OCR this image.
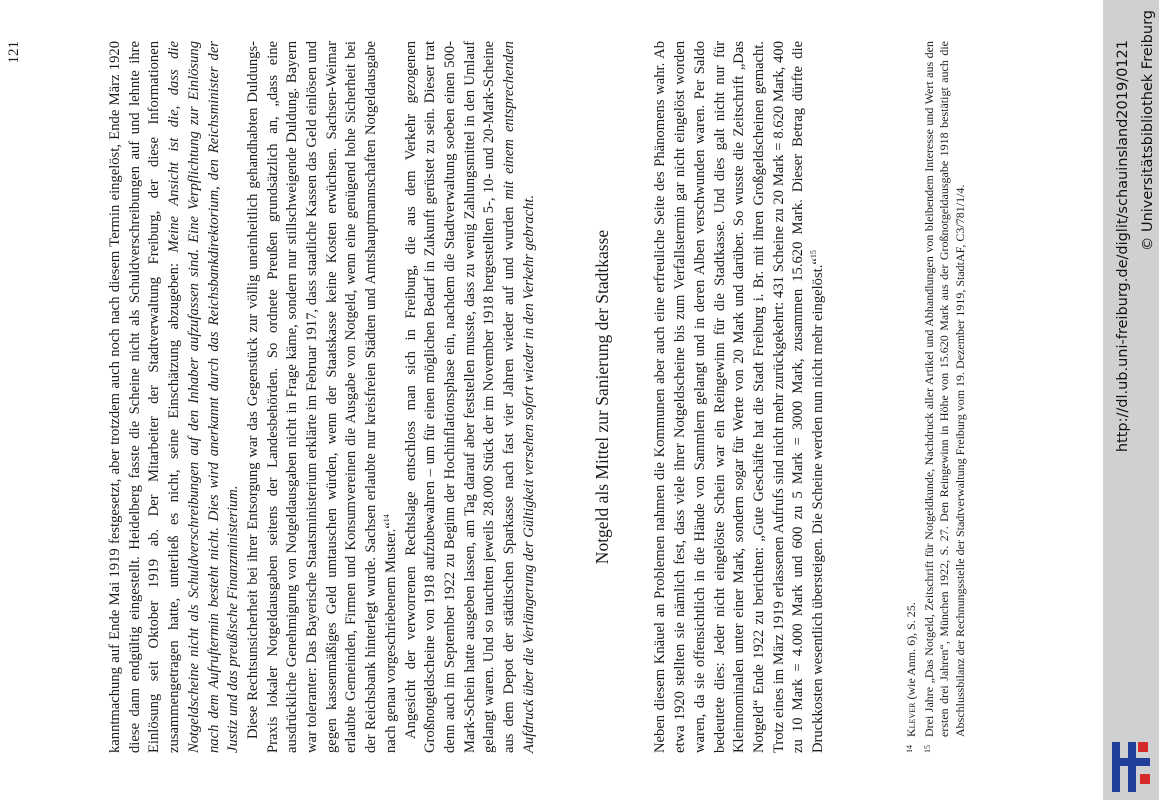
121	kanntmachung auf Ende Mai 1919 festgesetzt, aber trotzdem auch noch nach diesem Termin eingelöst, Ende März 1920 diese dann endgültig eingestellt. Heidelberg fasste die Scheine nicht als Schuldverschreibungen auf und lehnte ihre Einlösung seit Oktober 1919 ab. Der Mitarbeiter der Stadtverwaltung Freiburg, der diese Informationen zusammengetragen hatte, unterließ es nicht, seine Einschätzung abzugeben: Meine Ansicht ist die, dass die Notgeldscheine nicht als Schuldverschreibungen auf den Inhaber aufzufassen sind. Eine Verpflichtung zur Einlösung nach dem Aufruftermin besteht nicht. Dies wird anerkannt durch das Reichsbankdirektorium, den Reichsminister der Justiz und das preußische Finanzministerium. Diese Rechtsunsicherheit bei ihrer Entsorgung war das Gegenstück zur völlig uneinheitlich gehandhabten Duldungs-Praxis lokaler Notgeldausgaben seitens der Landesbehörden. So ordnete Preußen grundsätzlich an, „dass eine ausdrückliche Genehmigung von Notgeldausgaben nicht in Frage käme, sondern nur stillschweigende Duldung. Bayern war toleranter: Das Bayerische Staatsministerium erklärte im Februar 1917, dass staatliche Kassen das Geld einlösen und gegen kassenmäßiges Geld umtauschen würden, wenn der Staatskasse keine Kosten erwüchsen. Sachsen-Weimar erlaubte Gemeinden, Firmen und Konsumvereinen die Ausgabe von Notgeld, wenn eine genügend hohe Sicherheit bei der Reichsbank hinterlegt wurde. Sachsen erlaubte nur kreisfreien Städten und Amtshauptmannschaften Notgeldausgabe nach genau vorgeschriebenem Muster.“$^{14}$ Angesicht der verworrenen Rechtslage entschloss man sich in Freiburg, die aus dem Verkehr gezogenen Großnotgeldscheine von 1918 aufzubewahren – um für einen möglichen Bedarf in Zukunft gerüstet zu sein. Dieser trat denn auch im September 1922 zu Beginn der Hochinflationsphase ein, nachdem die Stadtverwaltung soeben einen 500-Mark-Schein hatte ausgeben lassen, am Tag darauf aber feststellen musste, dass zu wenig Zahlungsmittel in den Umlauf gelangt waren. Und so tauchten jeweils 28.000 Stück der im November 1918 hergestellten 5-, 10- und 20-Mark-Scheine aus dem Depot der städtischen Sparkasse nach fast vier Jahren wieder auf und wurden mit einem entsprechenden Aufdruck über die Verlängerung der Gültigkeit versehen sofort wieder in den Verkehr gebracht.	Notgeld als Mittel zur Sanierung der Stadtkasse	Neben diesem Knäuel an Problemen nahmen die Kommunen aber auch eine erfreuliche Seite des Phänomens wahr. Ab etwa 1920 stellten sie nämlich fest, dass viele ihrer Notgeldscheine bis zum Verfallstermin gar nicht eingelöst worden waren, da sie offensichtlich in die Hände von Sammlern gelangt und in deren Alben verschwunden waren. Per Saldo bedeutete dies: Jeder nicht eingelöste Schein war ein Reingewinn für die Stadtkasse. Und dies galt nicht nur für Kleinnominalen unter einer Mark, sondern sogar für Werte von 20 Mark und darüber. So wusste die Zeitschrift „Das Notgeld“ Ende 1922 zu berichten: „Gute Geschäfte hat die Stadt Freiburg i. Br. mit ihren Großgeldscheinen gemacht. Trotz eines im März 1919 erlassenen Aufrufs sind nicht mehr zurückgekehrt: 431 Scheine zu 20 Mark = 8.620 Mark, 400 zu 10 Mark = 4.000 Mark und 600 zu 5 Mark = 3000 Mark, zusammen 15.620 Mark. Dieser Betrag dürfte die Druckkosten wesentlich übersteigen. Die Scheine werden nun nicht mehr eingelöst.“$^{15}$

14
Klever (wie Anm. 6), S. 25.
15
Drei Jahre „Das Notgeld, Zeitschrift für Notgeldkunde, Nachdruck aller Artikel und Abhandlungen von bleibendem Interesse und Wert aus den ersten drei Jahren“, München 1922, S. 27. Den Reingewinn in Höhe von 15.620 Mark aus der Großnotgeldausgabe 1918 bestätigt auch die Abschlussbilanz der Rechnungsstelle der Stadtverwaltung Freiburg vom 19. Dezember 1919, StadtAF, C3/781/1/4.	http://dl.ub.uni-freiburg.de/diglit/schauinsland2019/0121 © Universitätsbibliothek Freiburg
